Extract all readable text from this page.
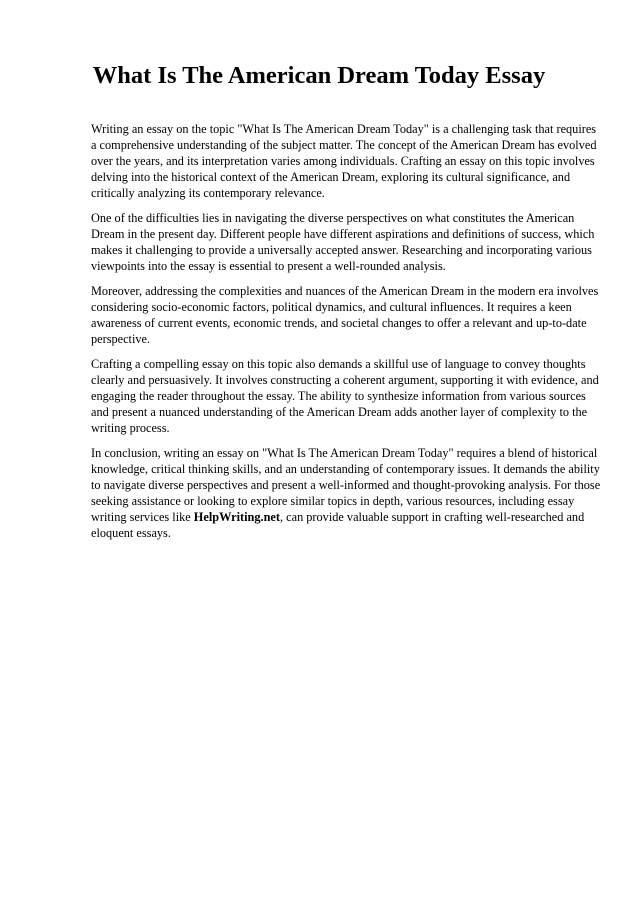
What Is The American Dream Today Essay

Writing an essay on the topic "What Is The American Dream Today" is a challenging task that requires a comprehensive understanding of the subject matter. The concept of the American Dream has evolved over the years, and its interpretation varies among individuals. Crafting an essay on this topic involves delving into the historical context of the American Dream, exploring its cultural significance, and critically analyzing its contemporary relevance.

One of the difficulties lies in navigating the diverse perspectives on what constitutes the American Dream in the present day. Different people have different aspirations and definitions of success, which makes it challenging to provide a universally accepted answer. Researching and incorporating various viewpoints into the essay is essential to present a well-rounded analysis.

Moreover, addressing the complexities and nuances of the American Dream in the modern era involves considering socio-economic factors, political dynamics, and cultural influences. It requires a keen awareness of current events, economic trends, and societal changes to offer a relevant and up-to-date perspective.

Crafting a compelling essay on this topic also demands a skillful use of language to convey thoughts clearly and persuasively. It involves constructing a coherent argument, supporting it with evidence, and engaging the reader throughout the essay. The ability to synthesize information from various sources and present a nuanced understanding of the American Dream adds another layer of complexity to the writing process.

In conclusion, writing an essay on "What Is The American Dream Today" requires a blend of historical knowledge, critical thinking skills, and an understanding of contemporary issues. It demands the ability to navigate diverse perspectives and present a well-informed and thought-provoking analysis. For those seeking assistance or looking to explore similar topics in depth, various resources, including essay writing services like HelpWriting.net, can provide valuable support in crafting well-researched and eloquent essays.
